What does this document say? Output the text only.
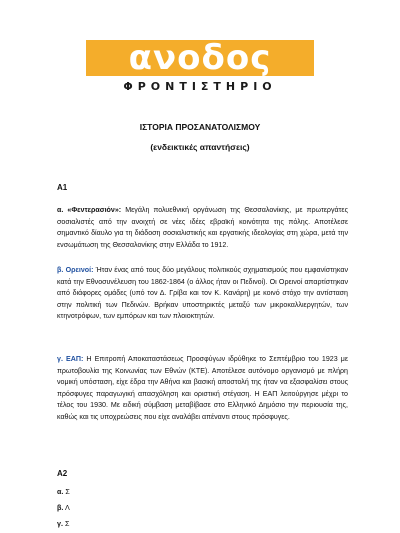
ανοδος
ΦΡΟΝΤΙΣΤΗΡΙΟ
ΙΣΤΟΡΙΑ ΠΡΟΣΑΝΑΤΟΛΙΣΜΟΥ
(ενδεικτικές απαντήσεις)
Α1

α. «Φεντερασιόν»: Μεγάλη πολυεθνική οργάνωση της Θεσσαλονίκης, με πρωτεργάτες σοσιαλιστές από την ανοιχτή σε νέες ιδέες εβραϊκή κοινότητα της πόλης. Αποτέλεσε σημαντικό δίαυλο για τη διάδοση σοσιαλιστικής και εργατικής ιδεολογίας στη χώρα, μετά την ενσωμάτωση της Θεσσαλονίκης στην Ελλάδα το 1912.

β. Ορεινοί: Ήταν ένας από τους δύο μεγάλους πολιτικούς σχηματισμούς που εμφανίστηκαν κατά την Εθνοσυνέλευση του 1862-1864 (ο άλλος ήταν οι Πεδινοί). Οι Ορεινοί απαρτίστηκαν από διάφορες ομάδες (υπό τον Δ. Γρίβα και τον Κ. Κανάρη) με κοινό στόχο την αντίσταση στην πολιτική των Πεδινών. Βρήκαν υποστηρικτές μεταξύ των μικροκαλλιεργητών, των κτηνοτρόφων, των εμπόρων και των πλοιοκτητών.

γ. ΕΑΠ: Η Επιτροπή Αποκαταστάσεως Προσφύγων ιδρύθηκε το Σεπτέμβριο του 1923 με πρωτοβουλία της Κοινωνίας των Εθνών (ΚΤΕ). Αποτέλεσε αυτόνομο οργανισμό με πλήρη νομική υπόσταση, είχε έδρα την Αθήνα και βασική αποστολή της ήταν να εξασφαλίσει στους πρόσφυγες παραγωγική απασχόληση και οριστική στέγαση. Η ΕΑΠ λειτούργησε μέχρι το τέλος του 1930. Με ειδική σύμβαση μεταβίβασε στο Ελληνικό Δημόσιο την περιουσία της, καθώς και τις υποχρεώσεις που είχε αναλάβει απέναντι στους πρόσφυγες.

Α2
α. Σ
β. Λ
γ. Σ
